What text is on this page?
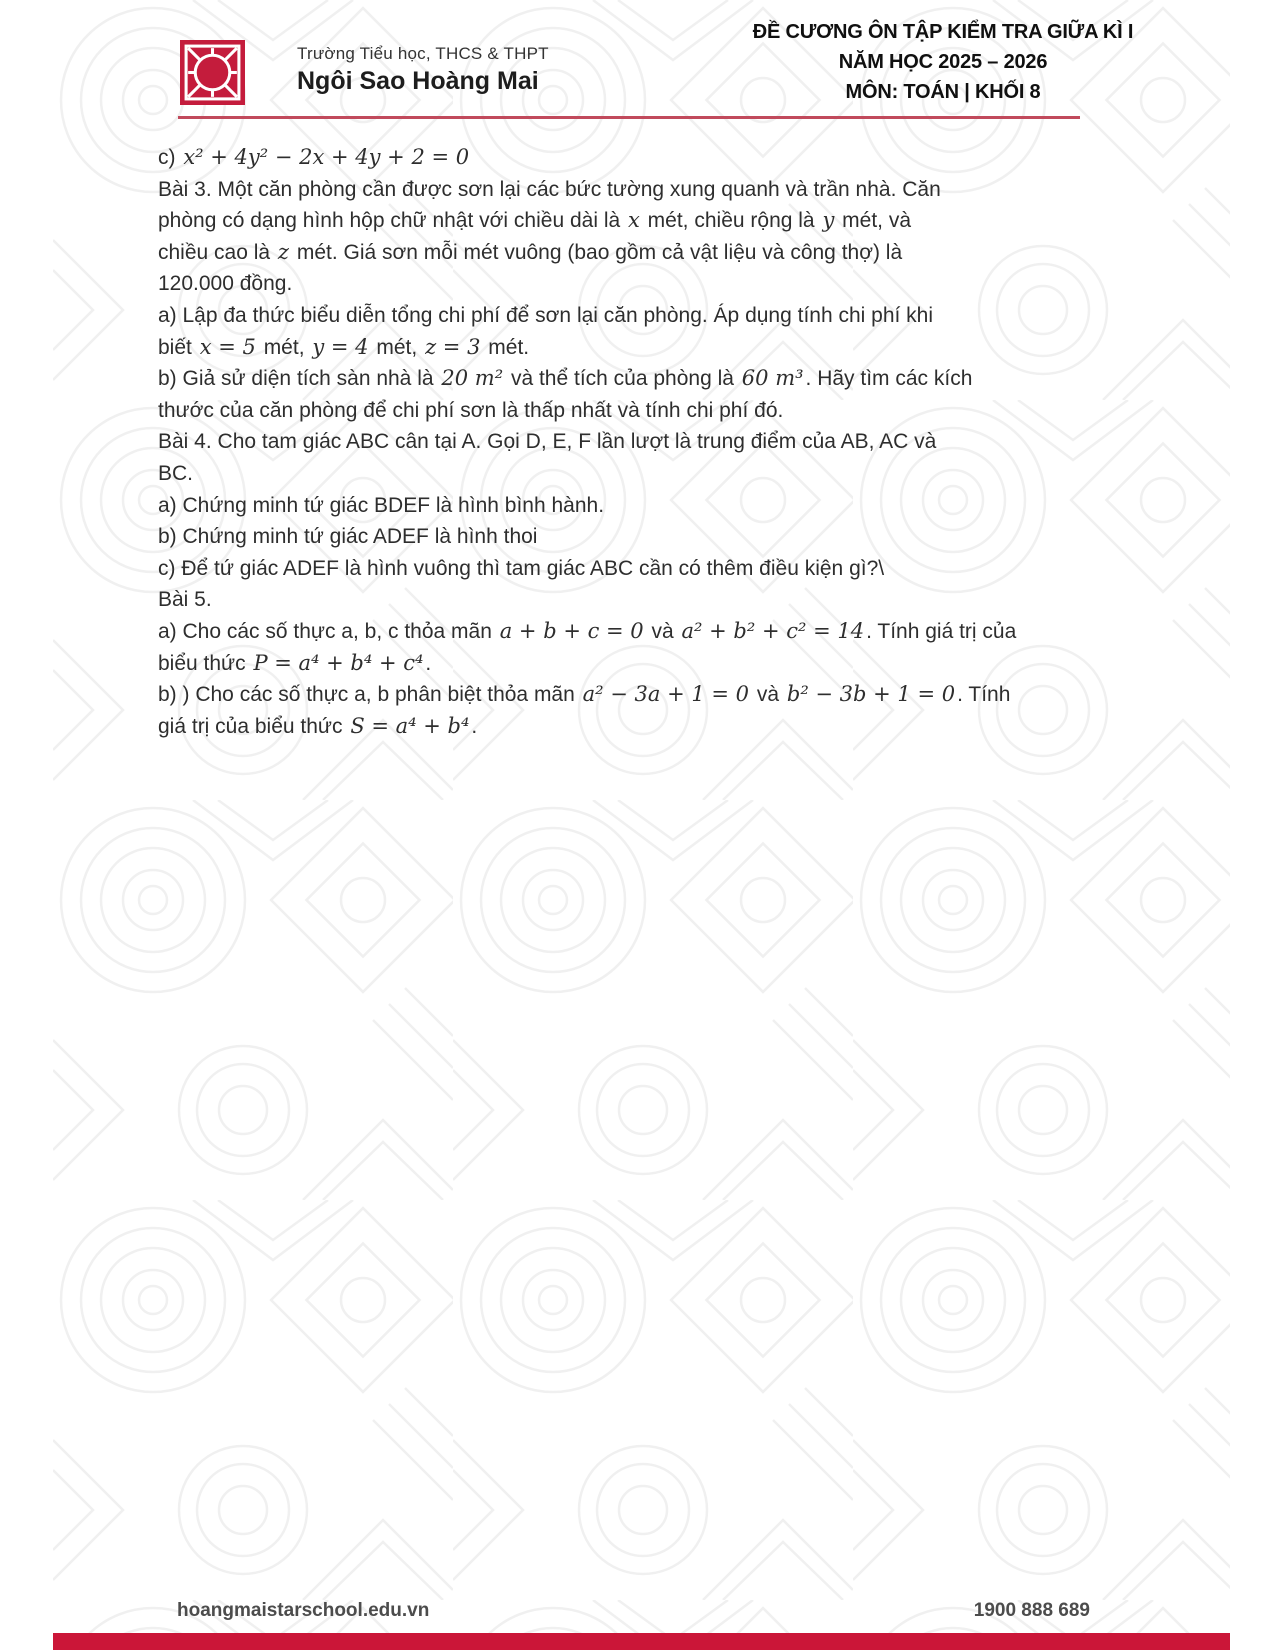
Trường Tiểu học, THCS & THPT
Ngôi Sao Hoàng Mai
ĐỀ CƯƠNG ÔN TẬP KIỂM TRA GIỮA KÌ I
NĂM HỌC 2025 – 2026
MÔN: TOÁN | KHỐI 8
c) x² + 4y² − 2x + 4y + 2 = 0
Bài 3. Một căn phòng cần được sơn lại các bức tường xung quanh và trần nhà. Căn
phòng có dạng hình hộp chữ nhật với chiều dài là x mét, chiều rộng là y mét, và
chiều cao là z mét. Giá sơn mỗi mét vuông (bao gồm cả vật liệu và công thợ) là
120.000 đồng.
a) Lập đa thức biểu diễn tổng chi phí để sơn lại căn phòng. Áp dụng tính chi phí khi
biết x = 5 mét, y = 4 mét, z = 3 mét.
b) Giả sử diện tích sàn nhà là 20 m² và thể tích của phòng là 60 m³. Hãy tìm các kích
thước của căn phòng để chi phí sơn là thấp nhất và tính chi phí đó.
Bài 4. Cho tam giác ABC cân tại A. Gọi D, E, F lần lượt là trung điểm của AB, AC và
BC.
a) Chứng minh tứ giác BDEF là hình bình hành.
b) Chứng minh tứ giác ADEF là hình thoi
c) Để tứ giác ADEF là hình vuông thì tam giác ABC cần có thêm điều kiện gì?\
Bài 5.
a) Cho các số thực a, b, c thỏa mãn a + b + c = 0 và a² + b² + c² = 14. Tính giá trị của
biểu thức P = a⁴ + b⁴ + c⁴.
b) ) Cho các số thực a, b phân biệt thỏa mãn a² − 3a + 1 = 0 và b² − 3b + 1 = 0. Tính
giá trị của biểu thức S = a⁴ + b⁴.
1900 888 689
hoangmaistarschool.edu.vn
